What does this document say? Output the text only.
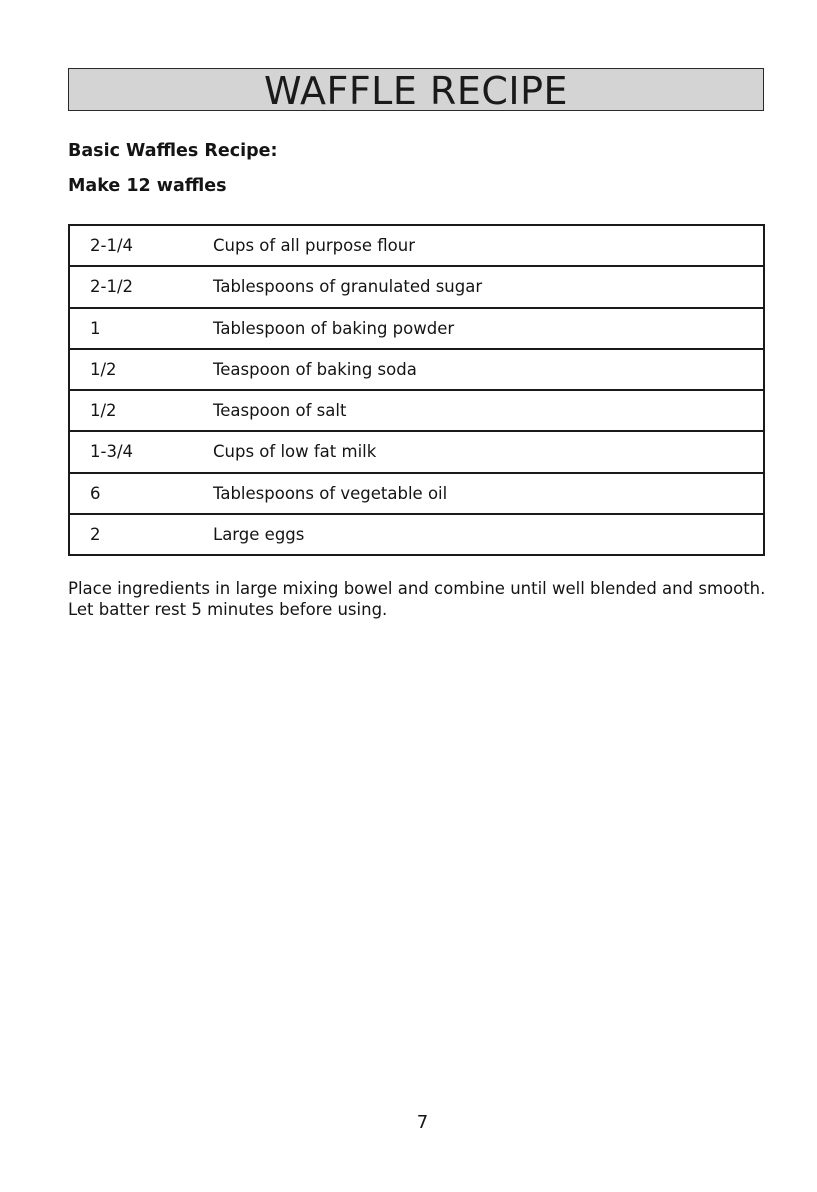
WAFFLE RECIPE
Basic Waffles Recipe:
Make 12 waffles
2-1/4	Cups of all purpose flour
2-1/2	Tablespoons of granulated sugar
1	Tablespoon of baking powder
1/2	Teaspoon of baking soda
1/2	Teaspoon of salt
1-3/4	Cups of low fat milk
6	Tablespoons of vegetable oil
2	Large eggs
Place ingredients in large mixing bowel and combine until well blended and smooth.
Let batter rest 5 minutes before using.
7
